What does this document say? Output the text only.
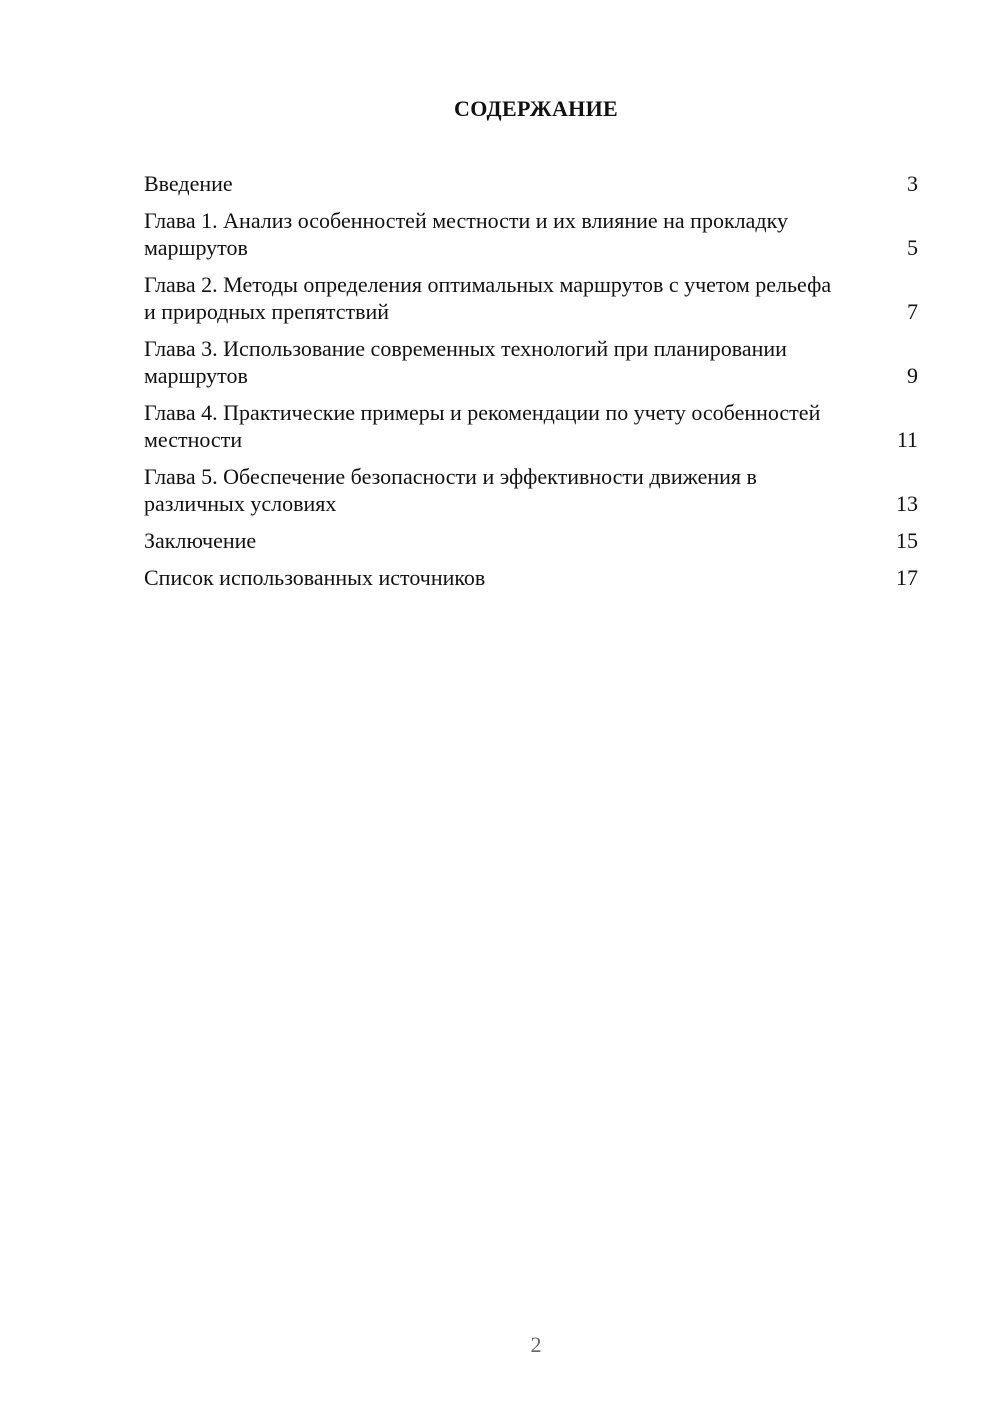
СОДЕРЖАНИЕ
Введение	3
Глава 1. Анализ особенностей местности и их влияние на прокладку маршрутов	5
Глава 2. Методы определения оптимальных маршрутов с учетом рельефа и природных препятствий	7
Глава 3. Использование современных технологий при планировании маршрутов	9
Глава 4. Практические примеры и рекомендации по учету особенностей местности	11
Глава 5. Обеспечение безопасности и эффективности движения в различных условиях	13
Заключение	15
Список использованных источников	17
2
